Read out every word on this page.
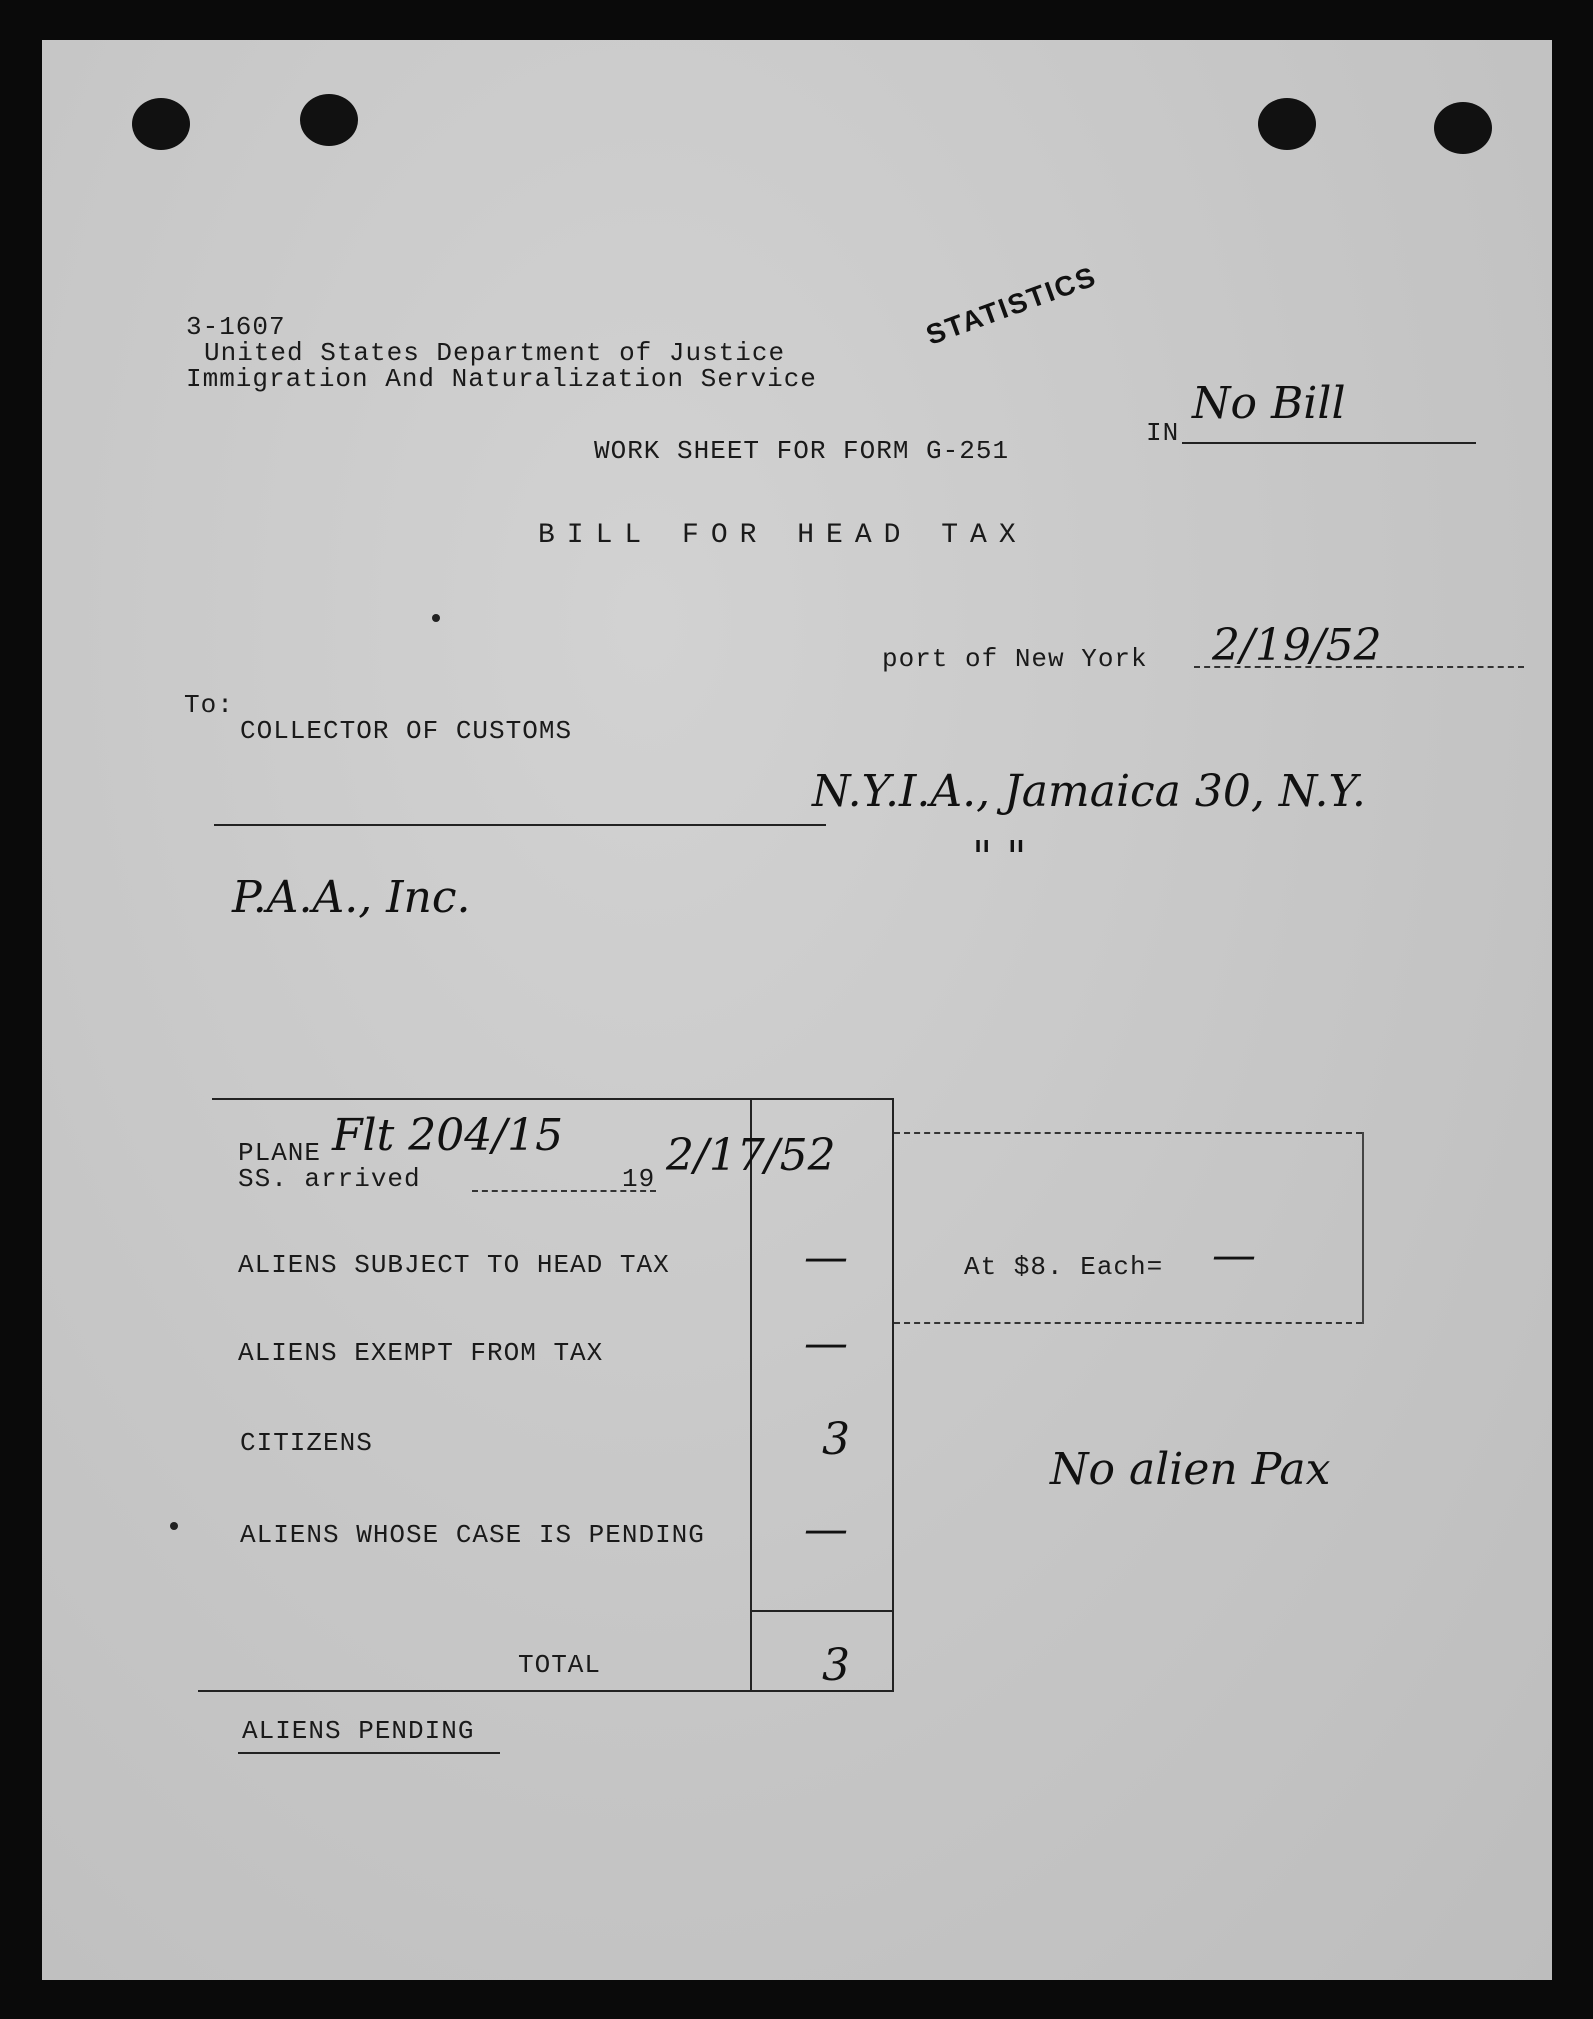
3-1607
United States Department of Justice
Immigration And Naturalization Service
STATISTICS
IN
No Bill
WORK SHEET FOR FORM G-251
BILL FOR HEAD TAX
port of New York 2/19/52
To:
COLLECTOR OF CUSTOMS
N.Y.I.A., Jamaica 30, N.Y.
" "
P.A.A., Inc.
PLANE Flt 204/15 2/17/52
SS. arrived	19
ALIENS SUBJECT TO HEAD TAX	—
ALIENS EXEMPT FROM TAX	—
CITIZENS	3
ALIENS WHOSE CASE IS PENDING —
TOTAL	3
At $8. Each= —
No alien Pax
ALIENS PENDING
